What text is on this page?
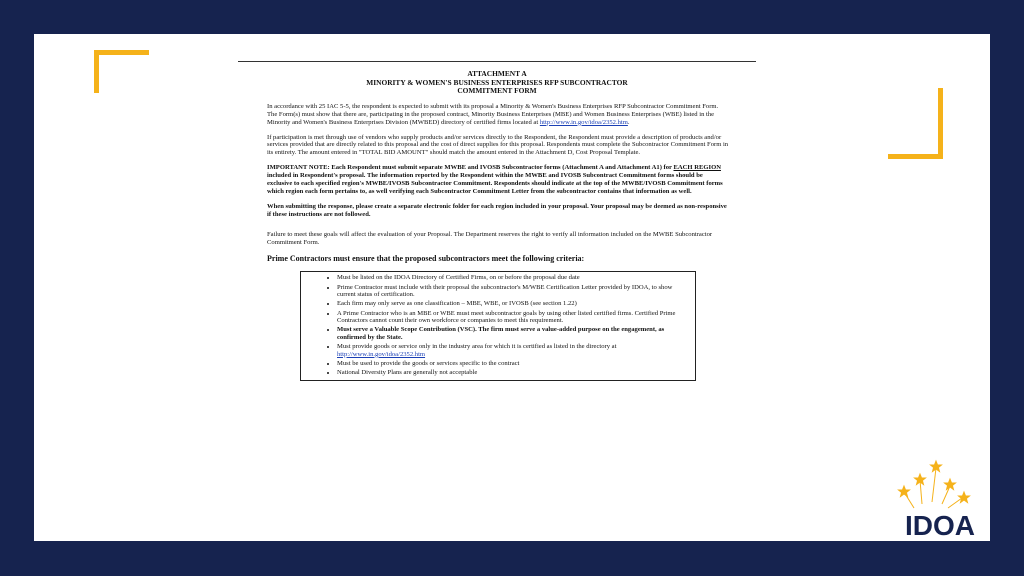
ATTACHMENT A
MINORITY & WOMEN'S BUSINESS ENTERPRISES RFP SUBCONTRACTOR
COMMITMENT FORM
In accordance with 25 IAC 5-5, the respondent is expected to submit with its proposal a Minority & Women's Business Enterprises RFP Subcontractor Commitment Form. The Form(s) must show that there are, participating in the proposed contract, Minority Business Enterprises (MBE) and Women Business Enterprises (WBE) listed in the Minority and Women's Business Enterprises Division (MWBED) directory of certified firms located at http://www.in.gov/idoa/2352.htm.
If participation is met through use of vendors who supply products and/or services directly to the Respondent, the Respondent must provide a description of products and/or services provided that are directly related to this proposal and the cost of direct supplies for this proposal. Respondents must complete the Subcontractor Commitment Form in its entirety. The amount entered in "TOTAL BID AMOUNT" should match the amount entered in the Attachment D, Cost Proposal Template.
IMPORTANT NOTE: Each Respondent must submit separate MWBE and IVOSB Subcontractor forms (Attachment A and Attachment A1) for EACH REGION included in Respondent's proposal. The information reported by the Respondent within the MWBE and IVOSB Subcontract Commitment forms should be exclusive to each specified region's MWBE/IVOSB Subcontractor Commitment. Respondents should indicate at the top of the MWBE/IVOSB Commitment forms which region each form pertains to, as well verifying each Subcontractor Commitment Letter from the subcontractor contains that information as well.
When submitting the response, please create a separate electronic folder for each region included in your proposal. Your proposal may be deemed as non-responsive if these instructions are not followed.
Failure to meet these goals will affect the evaluation of your Proposal. The Department reserves the right to verify all information included on the MWBE Subcontractor Commitment Form.
Prime Contractors must ensure that the proposed subcontractors meet the following criteria:
• Must be listed on the IDOA Directory of Certified Firms, on or before the proposal due date
• Prime Contractor must include with their proposal the subcontractor's M/WBE Certification Letter provided by IDOA, to show current status of certification.
• Each firm may only serve as one classification – MBE, WBE, or IVOSB (see section 1.22)
• A Prime Contractor who is an MBE or WBE must meet subcontractor goals by using other listed certified firms. Certified Prime Contractors cannot count their own workforce or companies to meet this requirement.
• Must serve a Valuable Scope Contribution (VSC). The firm must serve a value-added purpose on the engagement, as confirmed by the State.
• Must provide goods or service only in the industry area for which it is certified as listed in the directory at http://www.in.gov/idoa/2352.htm
• Must be used to provide the goods or services specific to the contract
• National Diversity Plans are generally not acceptable
IDOA
